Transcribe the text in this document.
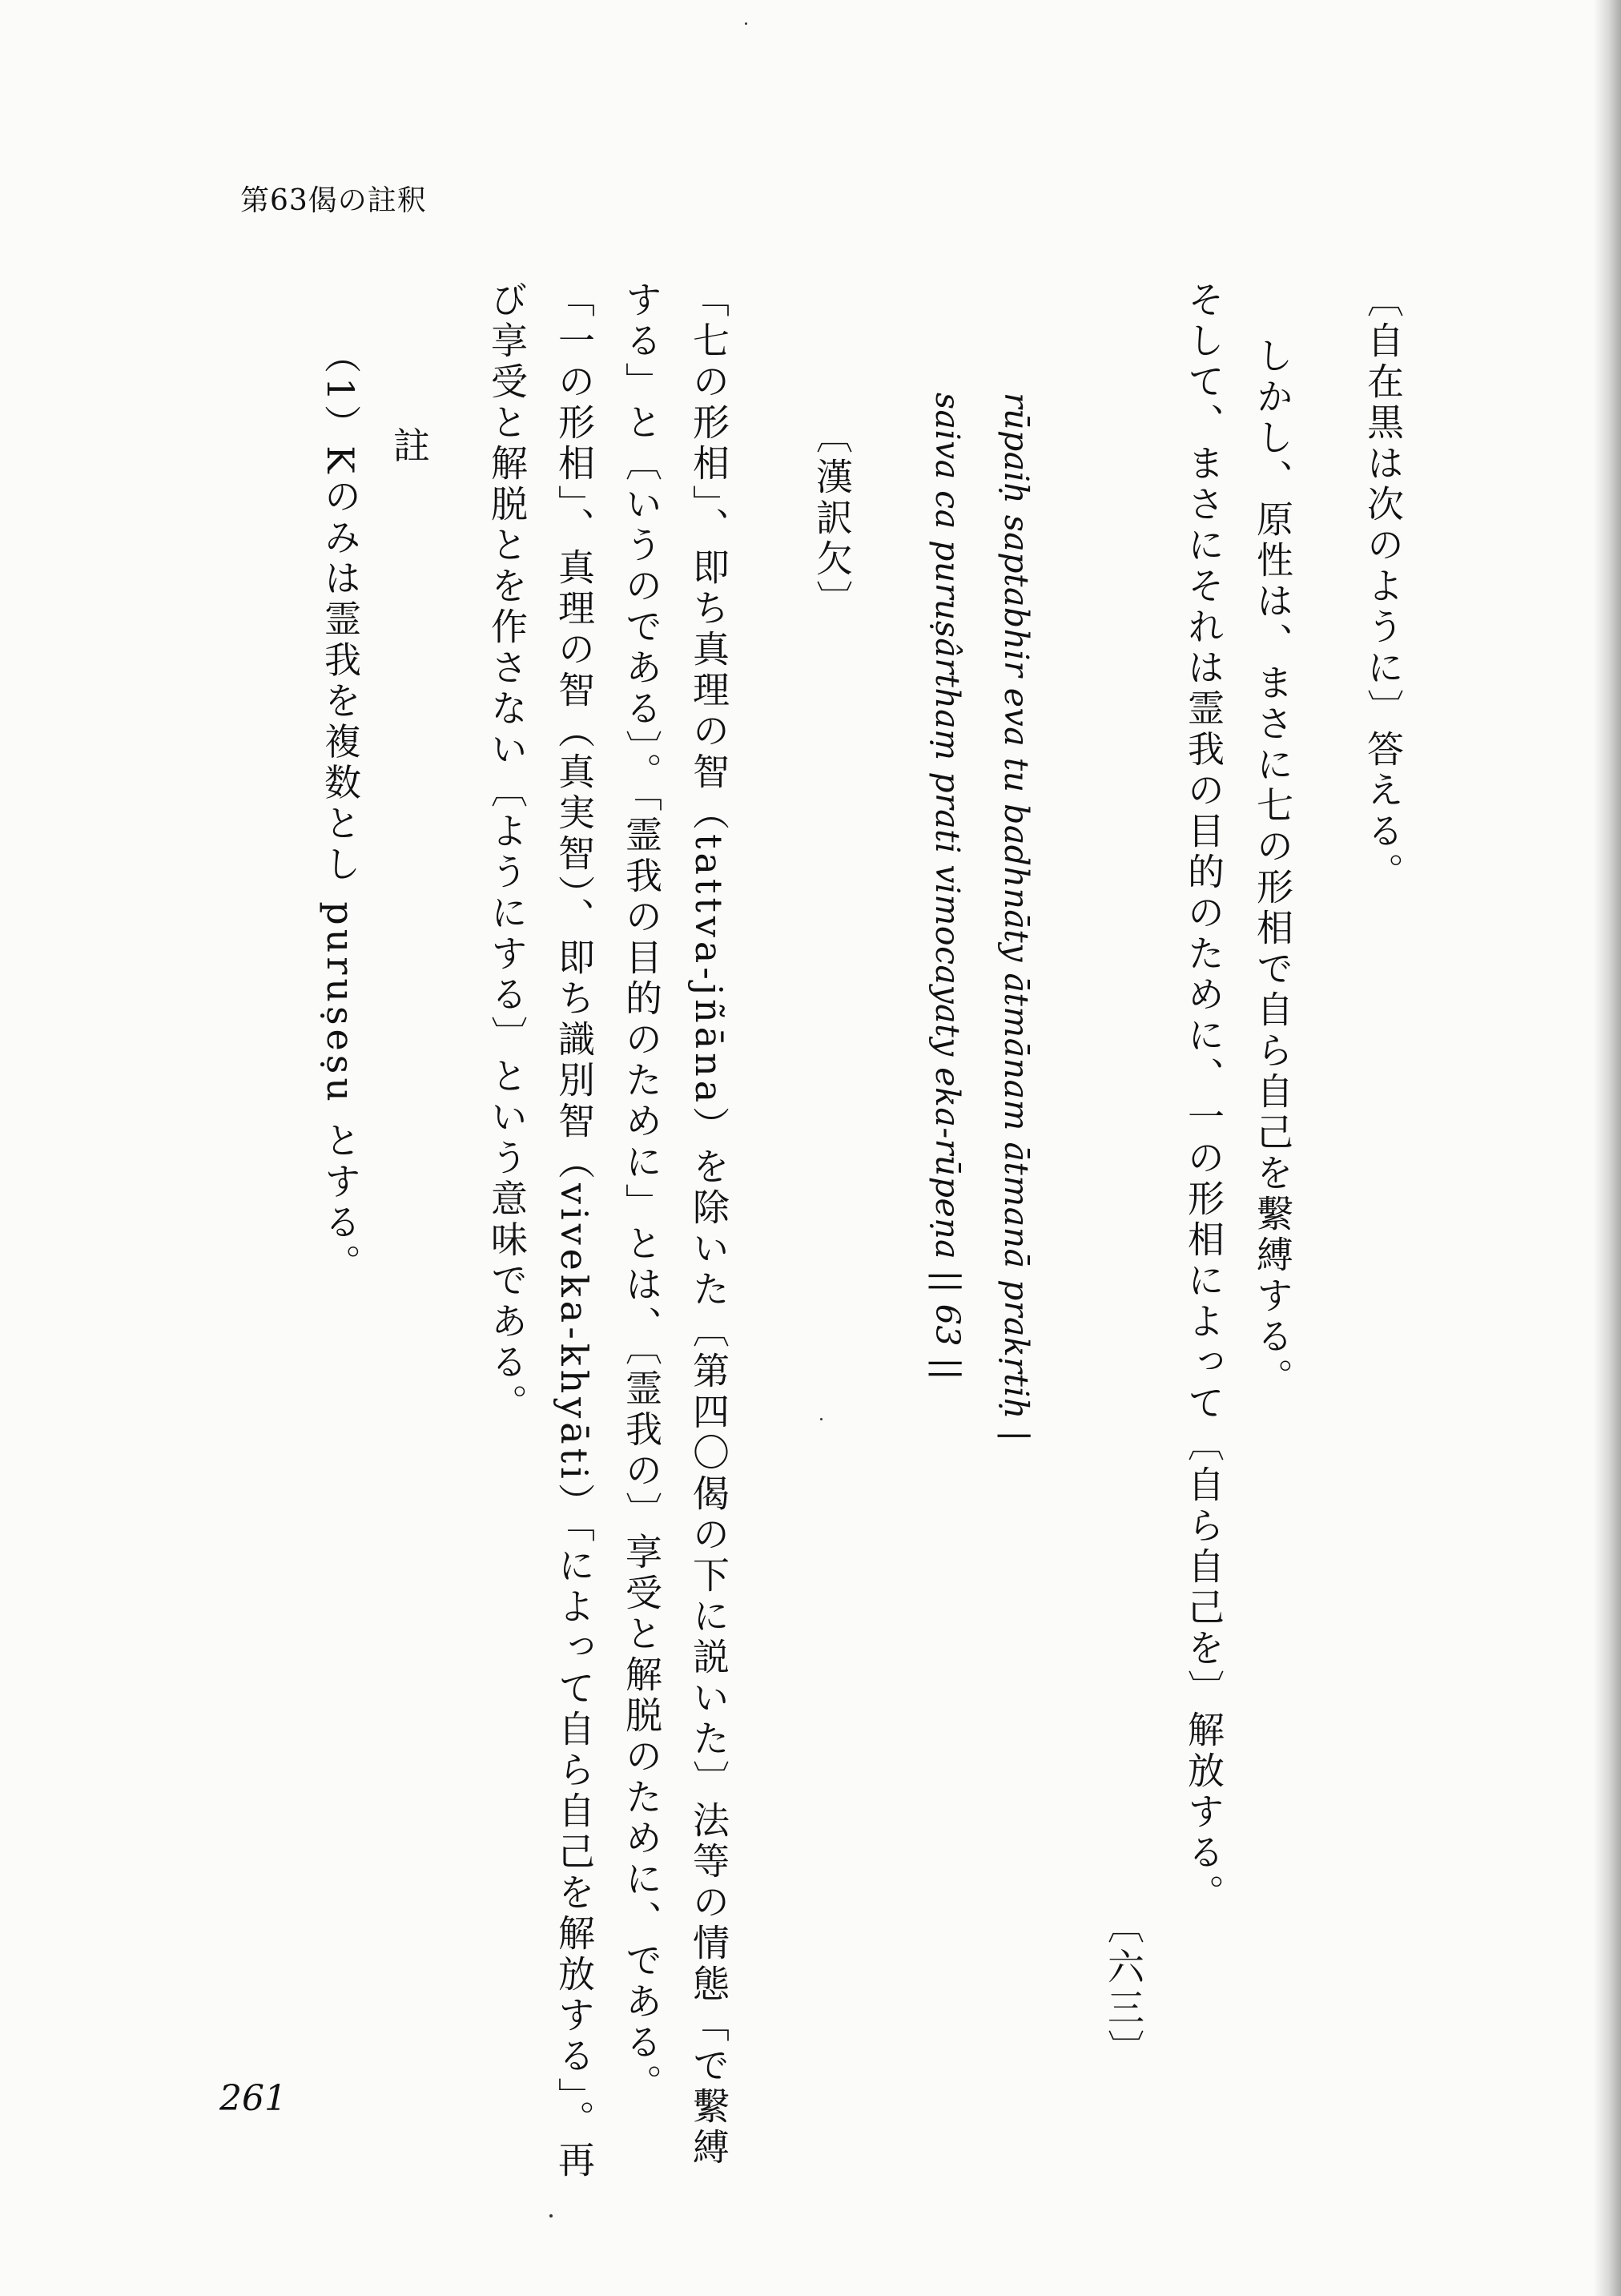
第63偈の註釈
〔自在黒は次のように〕答える。
しかし、原性は、まさに七の形相で自ら自己を繫縛する。
そして、まさにそれは霊我の目的のために、一の形相によって〔自ら自己を〕解放する。
〔六三〕
rūpaiḥ saptabhir eva tu badhnāty ātmānam ātmanā prakṛtiḥ |
saiva ca puruṣârthaṃ prati vimocayaty eka-rūpeṇa || 63 ||
〔漢訳欠〕
「七の形相」、即ち真理の智（tattva-jñāna）を除いた〔第四〇偈の下に説いた〕法等の情態「で繫縛
する」と〔いうのである〕。「霊我の目的のために」とは、〔霊我の〕享受と解脱のために、である。
「一の形相」、真理の智（真実智）、即ち識別智（viveka-khyāti）「によって自ら自己を解放する」。再
び享受と解脱とを作さない〔ようにする〕という意味である。
註
（1）Kのみは霊我を複数とし puruṣeṣu とする。
261
